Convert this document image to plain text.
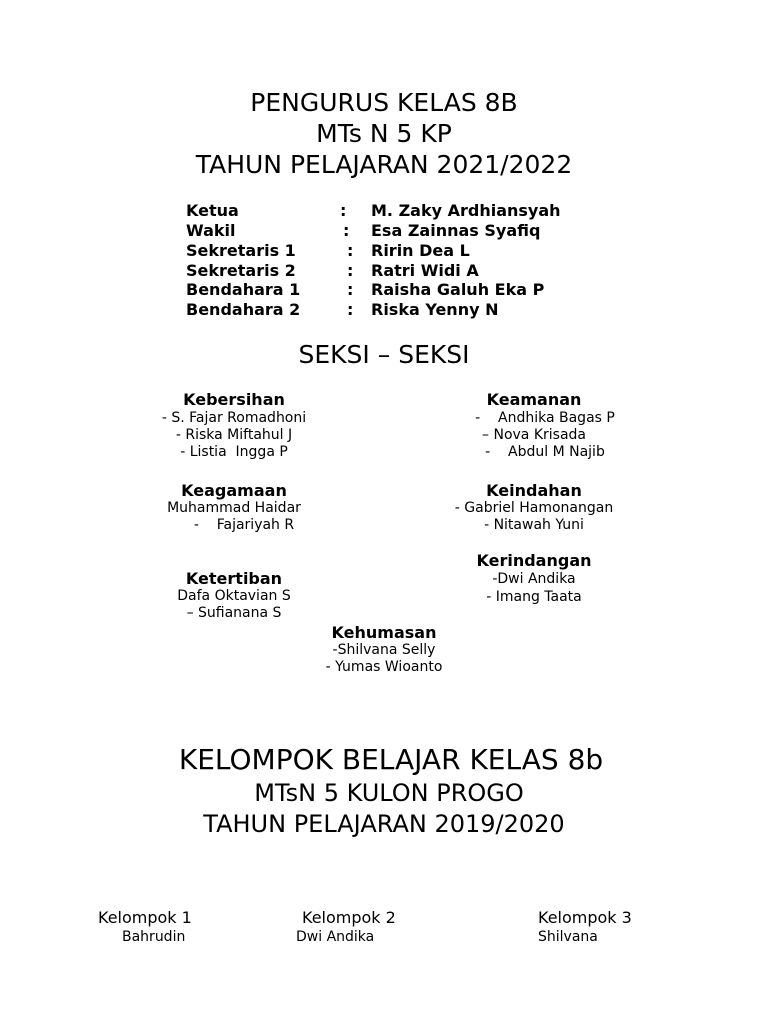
PENGURUS KELAS 8B
MTs N 5 KP
TAHUN PELAJARAN 2021/2022
Ketua	: M. Zaky Ardhiansyah
Wakil	: Esa Zainnas Syafiq
Sekretaris 1	: Ririn Dea L
Sekretaris 2	: Ratri Widi A
Bendahara 1	: Raisha Galuh Eka P
Bendahara 2	: Riska Yenny N
SEKSI – SEKSI
Kebersihan
- S. Fajar Romadhoni
- Riska Miftahul J
- Listia  Ingga P
Keamanan
-    Andhika Bagas P
– Nova Krisada
-    Abdul M Najib
Keagamaan
Muhammad Haidar
-    Fajariyah R
Keindahan
- Gabriel Hamonangan
- Nitawah Yuni
Kerindangan
-Dwi Andika
- Imang Taata
Ketertiban
Dafa Oktavian S
– Sufianana S
Kehumasan
-Shilvana Selly
- Yumas Wioanto
KELOMPOK BELAJAR KELAS 8b
MTsN 5 KULON PROGO
TAHUN PELAJARAN 2019/2020
Kelompok 1
Bahrudin
Kelompok 2
Dwi Andika
Kelompok 3
Shilvana
